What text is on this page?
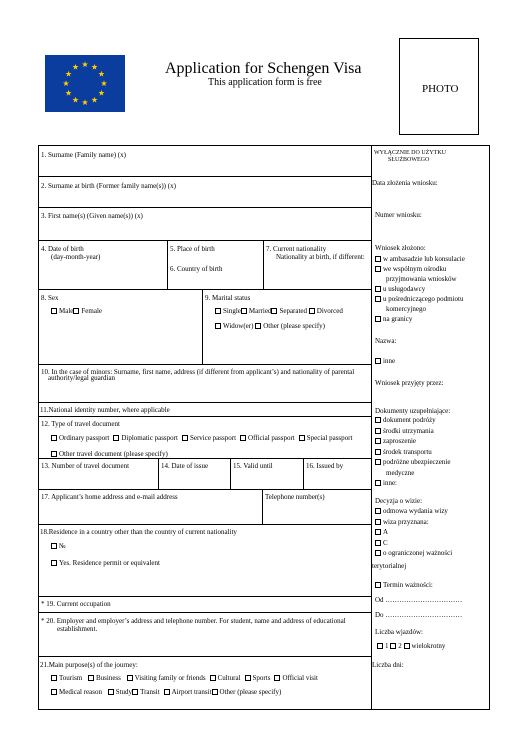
Application for Schengen Visa
This application form is free
PHOTO
1. Surname (Family name) (x)
2. Surname at birth (Former family name(s)) (x)
3. First name(s) (Given name(s)) (x)
4. Date of birth
(day-month-year)
5. Place of birth
6. Country of birth
7. Current nationality
Nationality at birth, if different:
8. Sex
Male Female
9. Marital status
Single Married Separated Divorced
Widow(er) Other (please specify)
10. In the case of minors: Surname, first name, address (if different from applicant’s) and nationality of parental
authority/legal guardian
11.National identity number, where applicable
12. Type of travel document
Ordinary passport Diplomatic passport Service passport Official passport Special passport
Other travel document (please specify)
13. Number of travel document	14. Date of issue	15. Valid until	16. Issued by
17. Applicant’s home address and e-mail address	Telephone number(s)
18.Residence in a country other than the country of current nationality
№
Yes. Residence permit or equivalent
* 19. Current occupation
* 20. Employer and employer’s address and telephone number. For student, name and address of educational
establishment.
21.Main purpose(s) of the journey:
Tourism Business Visiting family or friends Cultural Sports Official visit
Medical reason Study Transit Airport transit Other (please specify)
WYŁĄCZNIE DO UŻYTKU
SŁUŻBOWEGO
Data złożenia wniosku:
Numer wniosku:
Wniosek złożono:
w ambasadzie lub konsulacie
we wspólnym ośrodku
przyjmowania wniosków
u usługodawcy
u pośredniczącego podmiotu
komercyjnego
na granicy
Nazwa:
inne
Wniosek przyjęty przez:
Dokumenty uzupełniające:
dokument podróży
środki utrzymania
zaproszenie
środek transportu
podróżne ubezpieczenie
medyczne
inne:
Decyzja o wizie:
odmowa wydania wizy
wiza przyznana:
A
C
o ograniczonej ważności
terytorialnej
Termin ważności:
Od ……………………………
Do ……………………………
Liczba wjazdów:
1 2 wielokrotny
Liczba dni:
